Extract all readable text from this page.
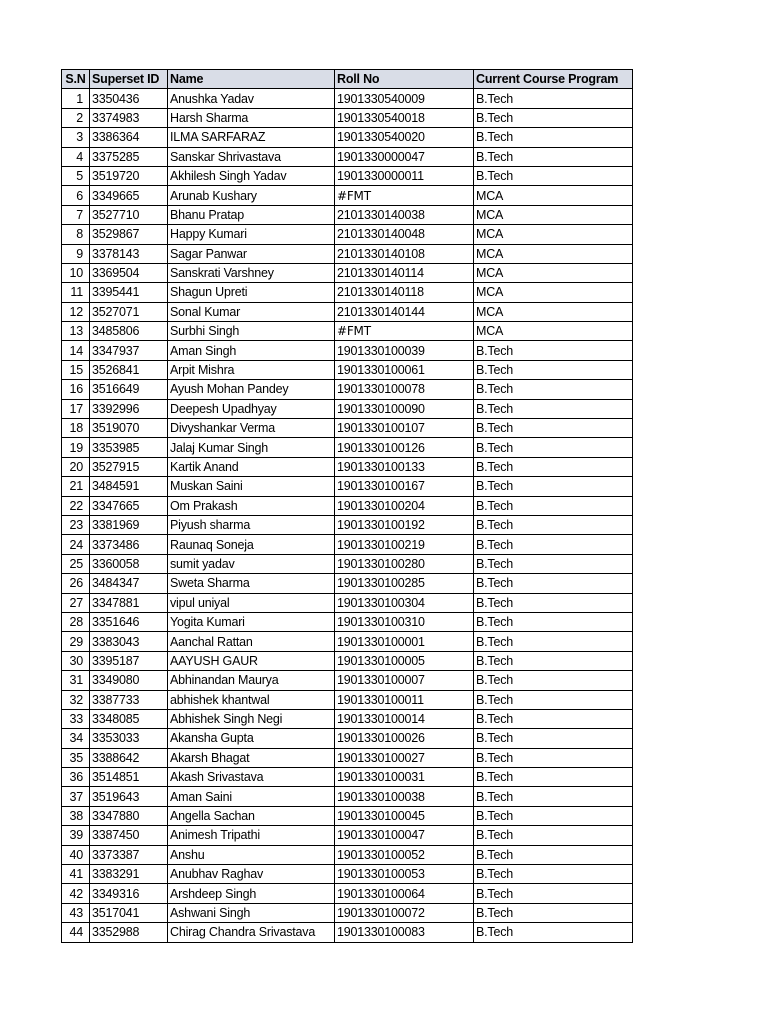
S.N	Superset ID	Name	Roll No	Current Course Program
1	3350436	Anushka Yadav	1901330540009	B.Tech
2	3374983	Harsh Sharma	1901330540018	B.Tech
3	3386364	ILMA SARFARAZ	1901330540020	B.Tech
4	3375285	Sanskar Shrivastava	1901330000047	B.Tech
5	3519720	Akhilesh Singh Yadav	1901330000011	B.Tech
6	3349665	Arunab Kushary	#FMT	MCA
7	3527710	Bhanu Pratap	2101330140038	MCA
8	3529867	Happy Kumari	2101330140048	MCA
9	3378143	Sagar Panwar	2101330140108	MCA
10	3369504	Sanskrati Varshney	2101330140114	MCA
11	3395441	Shagun Upreti	2101330140118	MCA
12	3527071	Sonal Kumar	2101330140144	MCA
13	3485806	Surbhi Singh	#FMT	MCA
14	3347937	Aman Singh	1901330100039	B.Tech
15	3526841	Arpit Mishra	1901330100061	B.Tech
16	3516649	Ayush Mohan Pandey	1901330100078	B.Tech
17	3392996	Deepesh Upadhyay	1901330100090	B.Tech
18	3519070	Divyshankar Verma	1901330100107	B.Tech
19	3353985	Jalaj Kumar Singh	1901330100126	B.Tech
20	3527915	Kartik Anand	1901330100133	B.Tech
21	3484591	Muskan Saini	1901330100167	B.Tech
22	3347665	Om Prakash	1901330100204	B.Tech
23	3381969	Piyush sharma	1901330100192	B.Tech
24	3373486	Raunaq Soneja	1901330100219	B.Tech
25	3360058	sumit yadav	1901330100280	B.Tech
26	3484347	Sweta Sharma	1901330100285	B.Tech
27	3347881	vipul uniyal	1901330100304	B.Tech
28	3351646	Yogita Kumari	1901330100310	B.Tech
29	3383043	Aanchal Rattan	1901330100001	B.Tech
30	3395187	AAYUSH GAUR	1901330100005	B.Tech
31	3349080	Abhinandan Maurya	1901330100007	B.Tech
32	3387733	abhishek khantwal	1901330100011	B.Tech
33	3348085	Abhishek Singh Negi	1901330100014	B.Tech
34	3353033	Akansha Gupta	1901330100026	B.Tech
35	3388642	Akarsh Bhagat	1901330100027	B.Tech
36	3514851	Akash Srivastava	1901330100031	B.Tech
37	3519643	Aman Saini	1901330100038	B.Tech
38	3347880	Angella Sachan	1901330100045	B.Tech
39	3387450	Animesh Tripathi	1901330100047	B.Tech
40	3373387	Anshu	1901330100052	B.Tech
41	3383291	Anubhav Raghav	1901330100053	B.Tech
42	3349316	Arshdeep Singh	1901330100064	B.Tech
43	3517041	Ashwani Singh	1901330100072	B.Tech
44	3352988	Chirag Chandra Srivastava	1901330100083	B.Tech
